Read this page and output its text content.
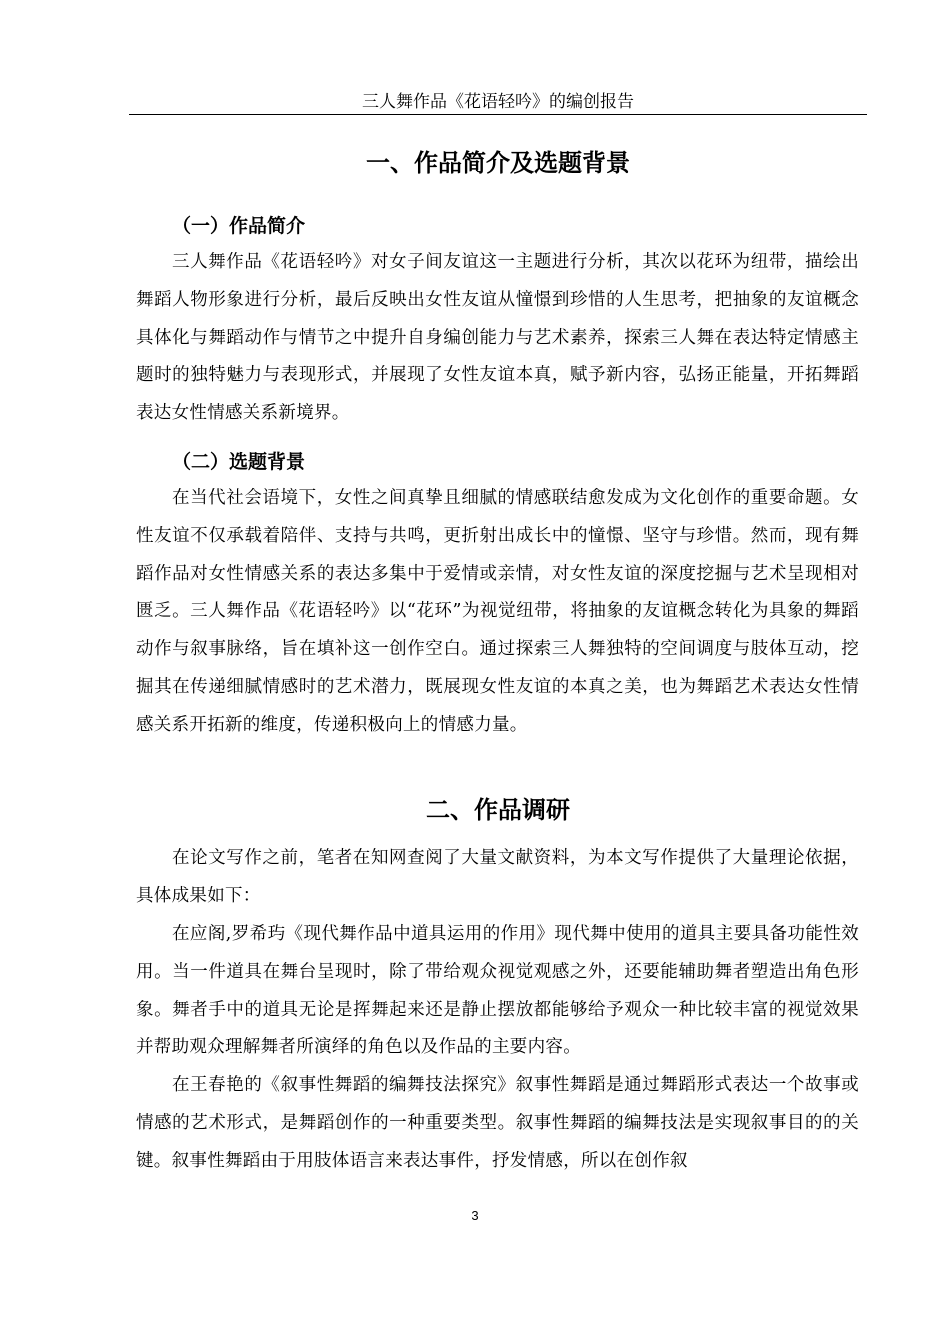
三人舞作品《花语轻吟》的编创报告
一、作品简介及选题背景
（一）作品简介

三人舞作品《花语轻吟》对女子间友谊这一主题进行分析，其次以花环为纽带，描绘出舞蹈人物形象进行分析，最后反映出女性友谊从憧憬到珍惜的人生思考，把抽象的友谊概念具体化与舞蹈动作与情节之中提升自身编创能力与艺术素养，探索三人舞在表达特定情感主题时的独特魅力与表现形式，并展现了女性友谊本真，赋予新内容，弘扬正能量，开拓舞蹈表达女性情感关系新境界。

（二）选题背景

在当代社会语境下，女性之间真挚且细腻的情感联结愈发成为文化创作的重要命题。女性友谊不仅承载着陪伴、支持与共鸣，更折射出成长中的憧憬、坚守与珍惜。然而，现有舞蹈作品对女性情感关系的表达多集中于爱情或亲情，对女性友谊的深度挖掘与艺术呈现相对匮乏。三人舞作品《花语轻吟》以“花环”为视觉纽带，将抽象的友谊概念转化为具象的舞蹈动作与叙事脉络，旨在填补这一创作空白。通过探索三人舞独特的空间调度与肢体互动，挖掘其在传递细腻情感时的艺术潜力，既展现女性友谊的本真之美，也为舞蹈艺术表达女性情感关系开拓新的维度，传递积极向上的情感力量。

二、作品调研

在论文写作之前，笔者在知网查阅了大量文献资料，为本文写作提供了大量理论依据，具体成果如下：

在应阁,罗希玙《现代舞作品中道具运用的作用》现代舞中使用的道具主要具备功能性效用。当一件道具在舞台呈现时，除了带给观众视觉观感之外，还要能辅助舞者塑造出角色形象。舞者手中的道具无论是挥舞起来还是静止摆放都能够给予观众一种比较丰富的视觉效果并帮助观众理解舞者所演绎的角色以及作品的主要内容。

在王春艳的《叙事性舞蹈的编舞技法探究》叙事性舞蹈是通过舞蹈形式表达一个故事或情感的艺术形式，是舞蹈创作的一种重要类型。叙事性舞蹈的编舞技法是实现叙事目的的关键。叙事性舞蹈由于用肢体语言来表达事件，抒发情感，所以在创作叙

3
